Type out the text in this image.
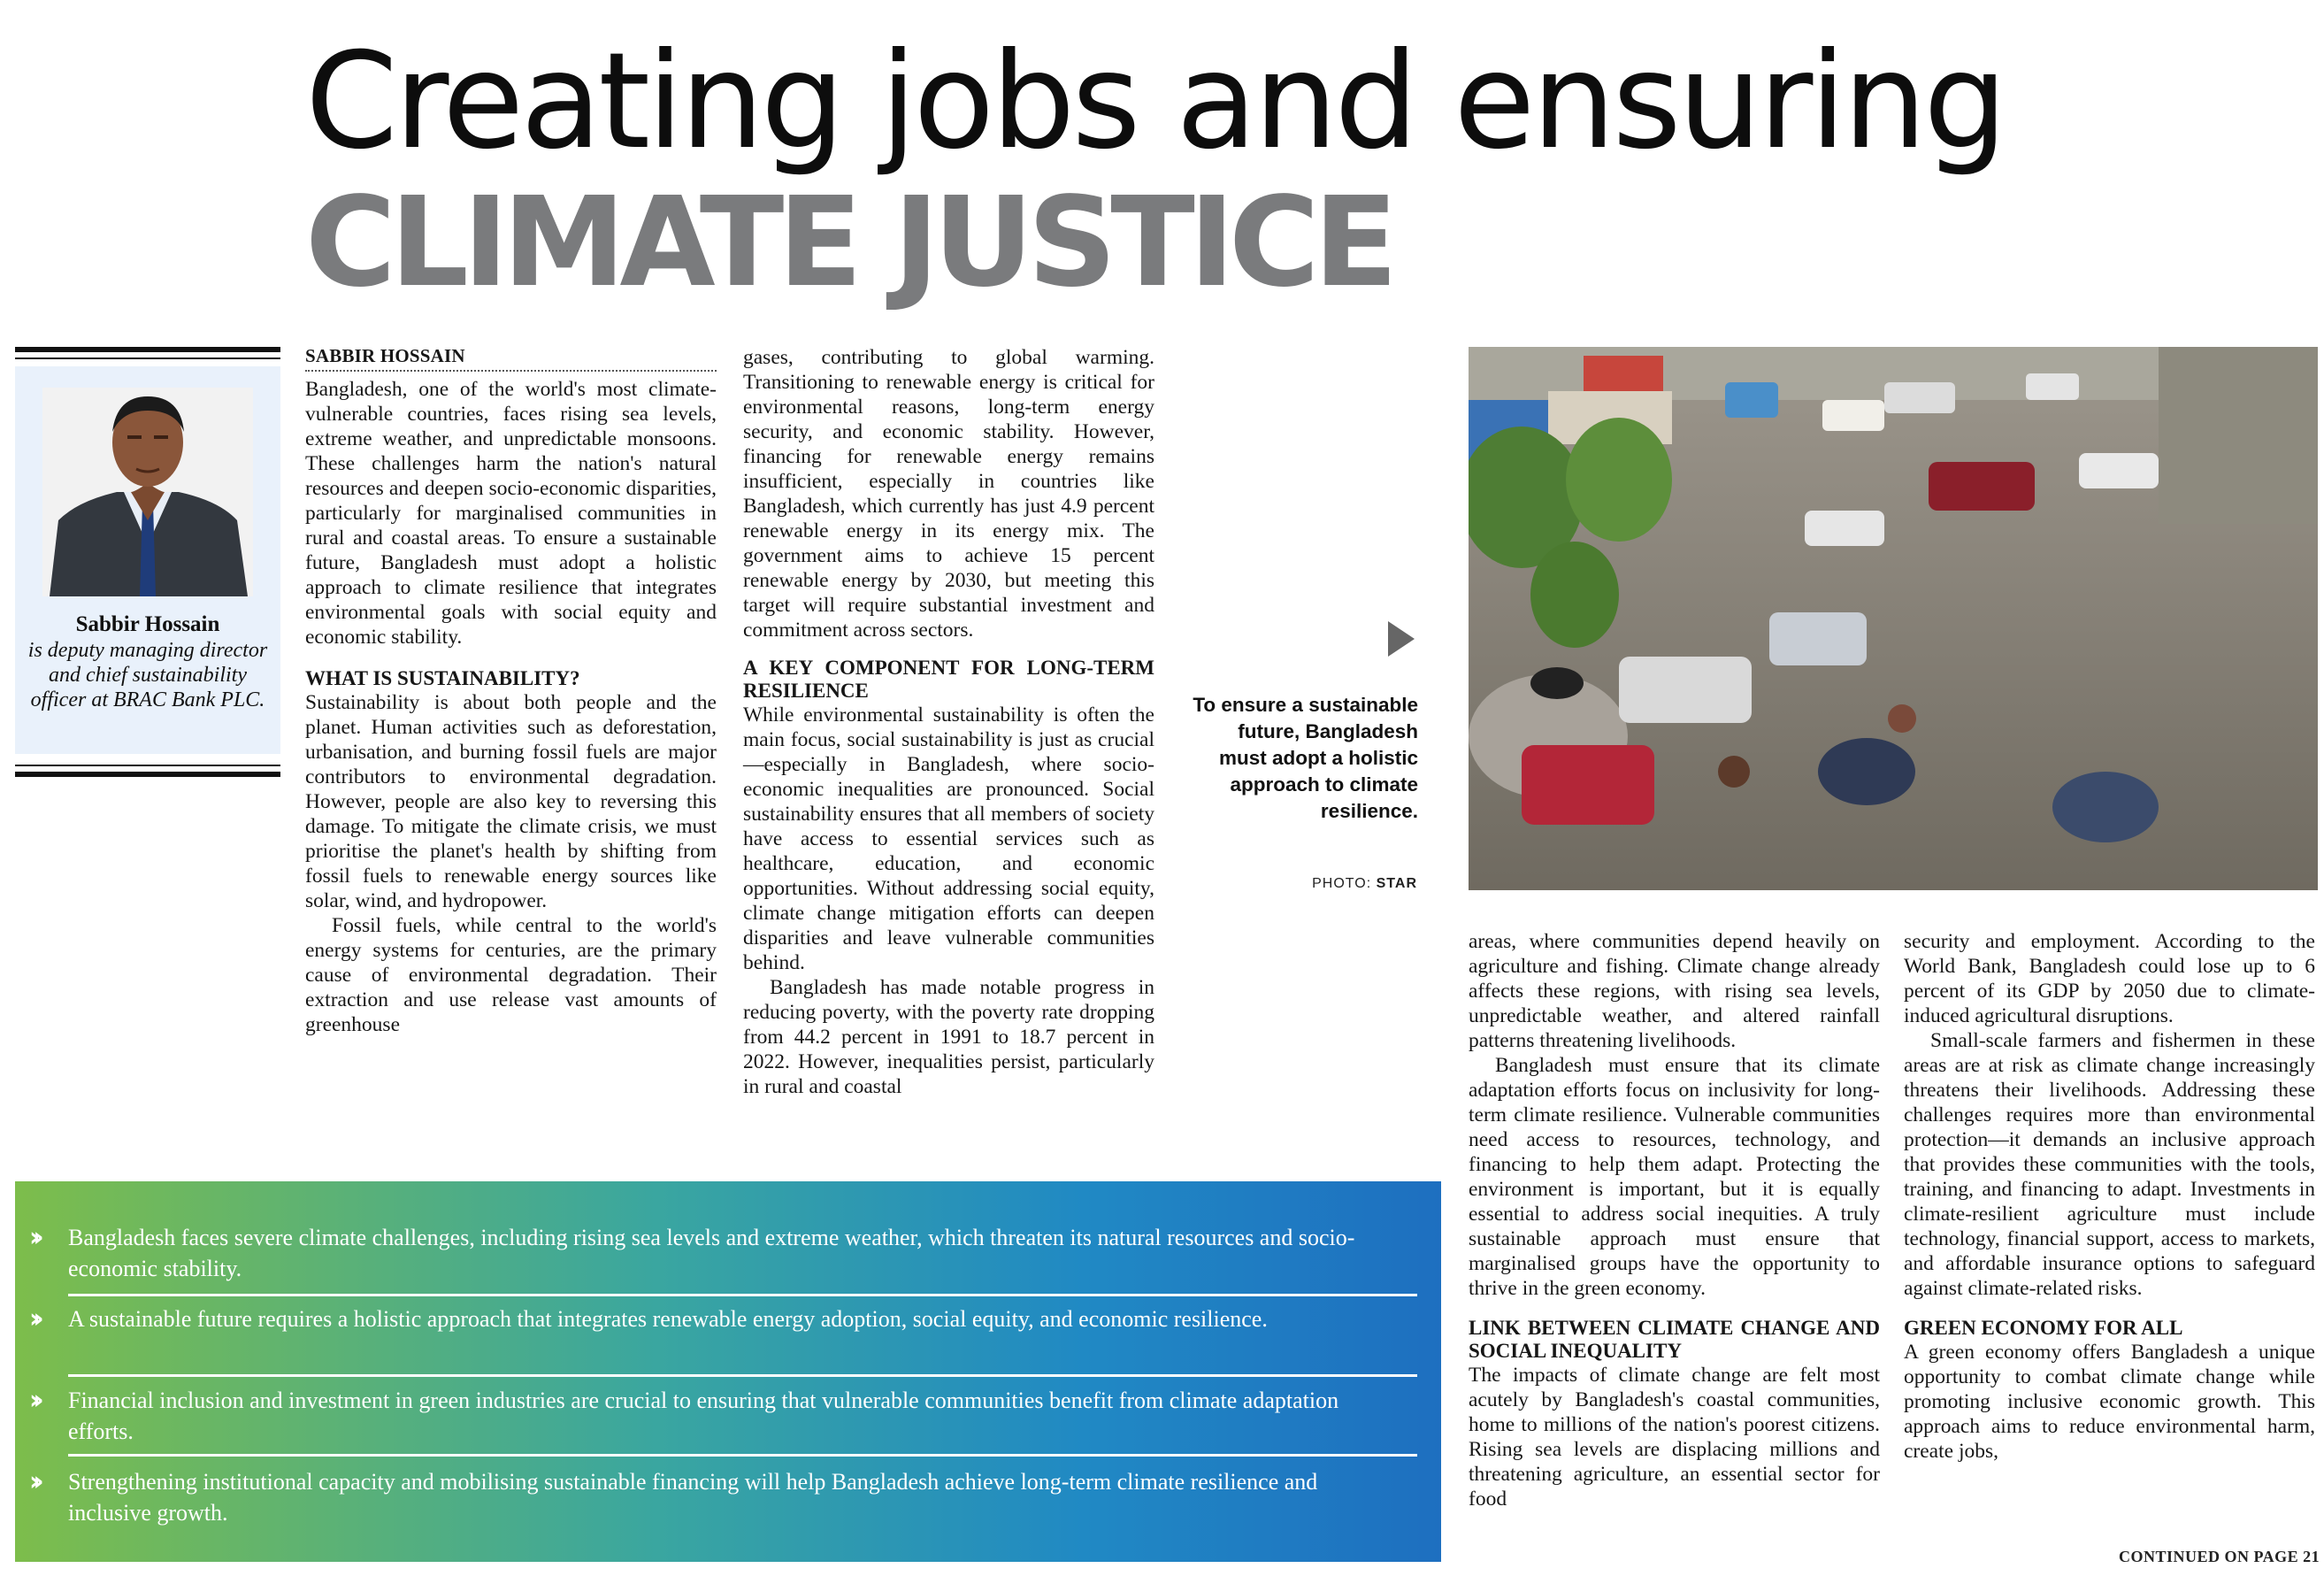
Creating jobs and ensuring
CLIMATE JUSTICE
Sabbir Hossain
is deputy managing director and chief sustainability officer at BRAC Bank PLC.

SABBIR HOSSAIN

Bangladesh, one of the world's most climate-vulnerable countries, faces rising sea levels, extreme weather, and unpredictable monsoons. These challenges harm the nation's natural resources and deepen socio-economic disparities, particularly for marginalised communities in rural and coastal areas. To ensure a sustainable future, Bangladesh must adopt a holistic approach to climate resilience that integrates environmental goals with social equity and economic stability.

WHAT IS SUSTAINABILITY?

Sustainability is about both people and the planet. Human activities such as deforestation, urbanisation, and burning fossil fuels are major contributors to environmental degradation. However, people are also key to reversing this damage. To mitigate the climate crisis, we must prioritise the planet's health by shifting from fossil fuels to renewable energy sources like solar, wind, and hydropower.

Fossil fuels, while central to the world's energy systems for centuries, are the primary cause of environmental degradation. Their extraction and use release vast amounts of greenhouse

gases, contributing to global warming. Transitioning to renewable energy is critical for environmental reasons, long-term energy security, and economic stability. However, financing for renewable energy remains insufficient, especially in countries like Bangladesh, which currently has just 4.9 percent renewable energy in its energy mix. The government aims to achieve 15 percent renewable energy by 2030, but meeting this target will require substantial investment and commitment across sectors.

A KEY COMPONENT FOR LONG-TERM RESILIENCE

While environmental sustainability is often the main focus, social sustainability is just as crucial—especially in Bangladesh, where socio-economic inequalities are pronounced. Social sustainability ensures that all members of society have access to essential services such as healthcare, education, and economic opportunities. Without addressing social equity, climate change mitigation efforts can deepen disparities and leave vulnerable communities behind.

Bangladesh has made notable progress in reducing poverty, with the poverty rate dropping from 44.2 percent in 1991 to 18.7 percent in 2022. However, inequalities persist, particularly in rural and coastal

To ensure a sustainable future, Bangladesh must adopt a holistic approach to climate resilience.
PHOTO: STAR

areas, where communities depend heavily on agriculture and fishing. Climate change already affects these regions, with rising sea levels, unpredictable weather, and altered rainfall patterns threatening livelihoods.

Bangladesh must ensure that its climate adaptation efforts focus on inclusivity for long-term climate resilience. Vulnerable communities need access to resources, technology, and financing to help them adapt. Protecting the environment is important, but it is equally essential to address social inequities. A truly sustainable approach must ensure that marginalised groups have the opportunity to thrive in the green economy.

LINK BETWEEN CLIMATE CHANGE AND SOCIAL INEQUALITY

The impacts of climate change are felt most acutely by Bangladesh's coastal communities, home to millions of the nation's poorest citizens. Rising sea levels are displacing millions and threatening agriculture, an essential sector for food

security and employment. According to the World Bank, Bangladesh could lose up to 6 percent of its GDP by 2050 due to climate-induced agricultural disruptions.

Small-scale farmers and fishermen in these areas are at risk as climate change increasingly threatens their livelihoods. Addressing these challenges requires more than environmental protection—it demands an inclusive approach that provides these communities with the tools, training, and financing to adapt. Investments in climate-resilient agriculture must include technology, financial support, access to markets, and affordable insurance options to safeguard against climate-related risks.

GREEN ECONOMY FOR ALL

A green economy offers Bangladesh a unique opportunity to combat climate change while promoting inclusive economic growth. This approach aims to reduce environmental harm, create jobs,

›› Bangladesh faces severe climate challenges, including rising sea levels and extreme weather, which threaten its natural resources and socio-economic stability.
›› A sustainable future requires a holistic approach that integrates renewable energy adoption, social equity, and economic resilience.
›› Financial inclusion and investment in green industries are crucial to ensuring that vulnerable communities benefit from climate adaptation efforts.
›› Strengthening institutional capacity and mobilising sustainable financing will help Bangladesh achieve long-term climate resilience and inclusive growth.
CONTINUED ON PAGE 21
